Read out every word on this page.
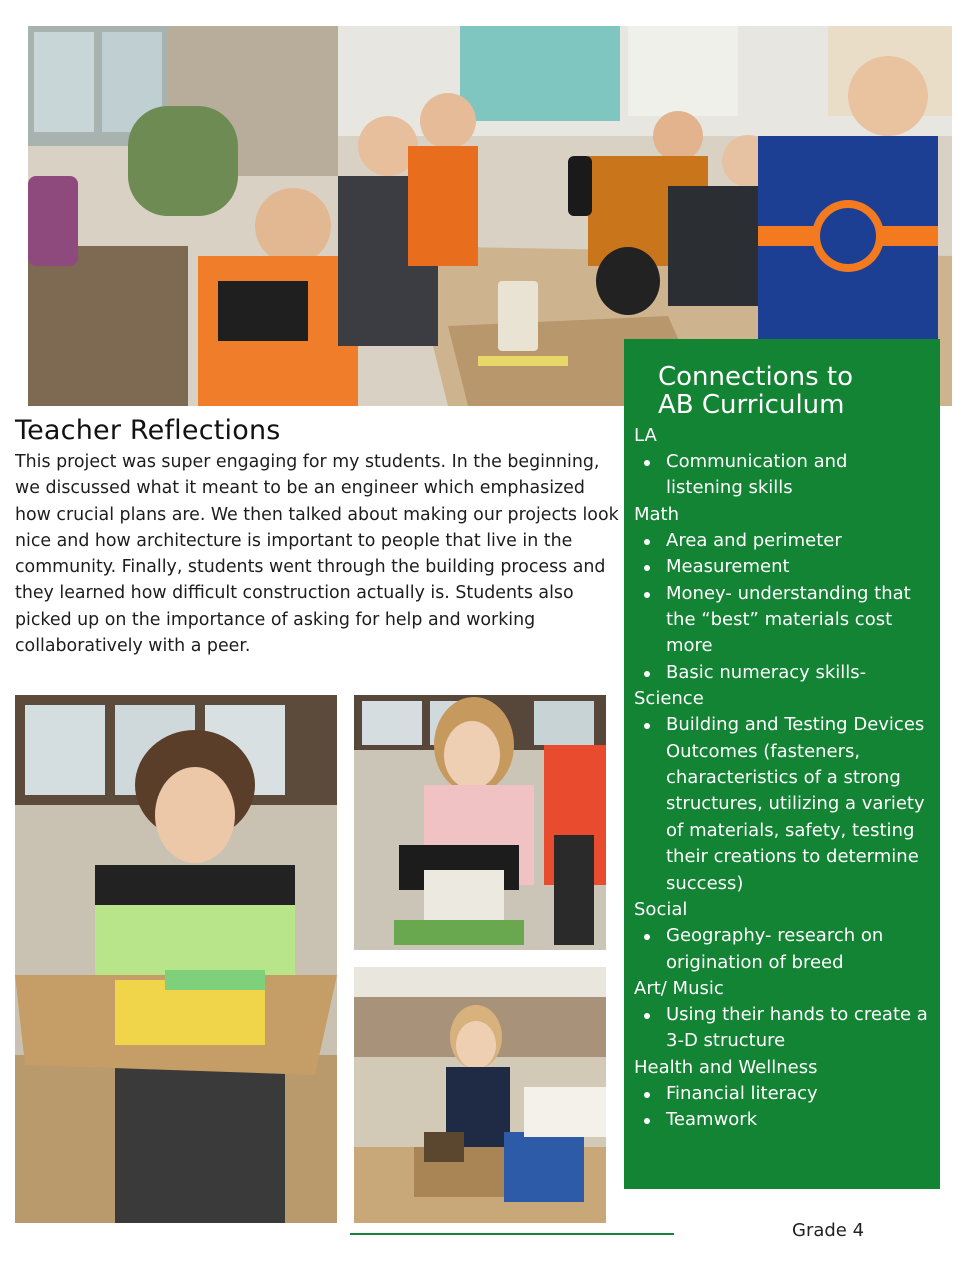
Teacher Reflections

This project was super engaging for my students. In the beginning, we discussed what it meant to be an engineer which emphasized how crucial plans are. We then talked about making our projects look nice and how architecture is important to people that live in the community. Finally, students went through the building process and they learned how difficult construction actually is. Students also picked up on the importance of asking for help and working collaboratively with a peer.

Connections to
AB Curriculum
LA
Communication and listening skills
Math
Area and perimeter
Measurement
Money- understanding that the “best” materials cost more
Basic numeracy skills-
Science
Building and Testing Devices Outcomes (fasteners, characteristics of a strong structures, utilizing a variety of materials, safety, testing their creations to determine success)
Social
Geography- research on origination of breed
Art/ Music
Using their hands to create a 3-D structure
Health and Wellness
Financial literacy
Teamwork
Grade 4
